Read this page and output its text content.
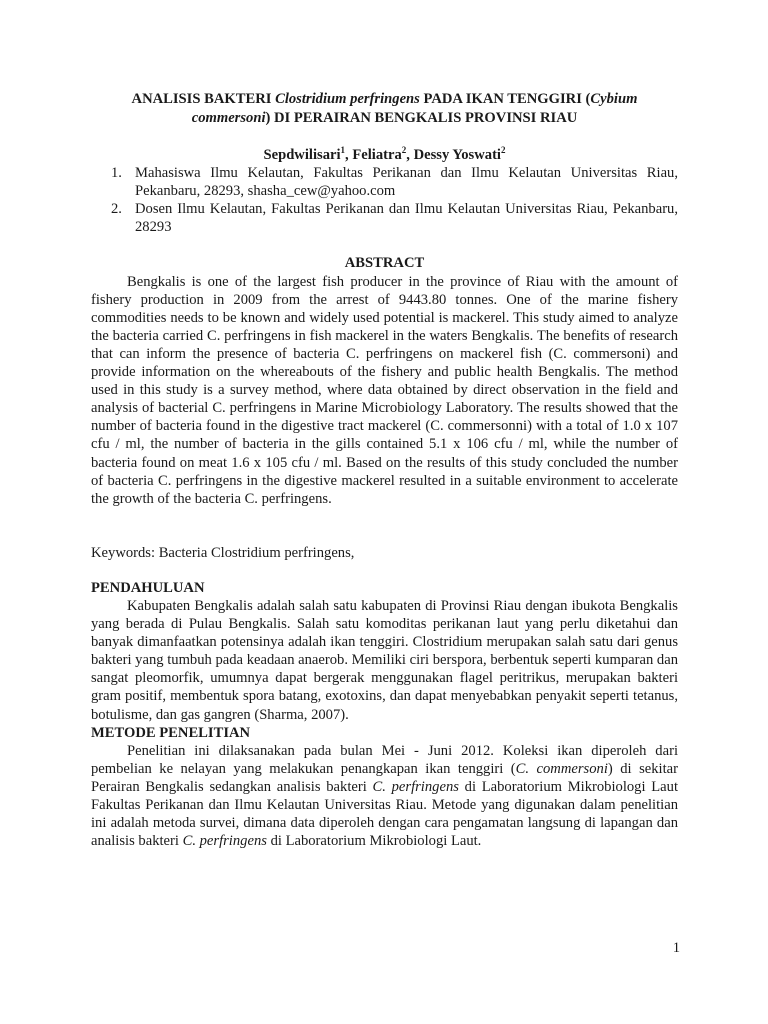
ANALISIS BAKTERI Clostridium perfringens PADA IKAN TENGGIRI (Cybium commersoni) DI PERAIRAN BENGKALIS PROVINSI RIAU

Sepdwilisari$^1$, Feliatra$^2$, Dessy Yoswati$^2$

1. Mahasiswa Ilmu Kelautan, Fakultas Perikanan dan Ilmu Kelautan Universitas Riau, Pekanbaru, 28293, shasha_cew@yahoo.com
2. Dosen Ilmu Kelautan, Fakultas Perikanan dan Ilmu Kelautan Universitas Riau, Pekanbaru, 28293

ABSTRACT

Bengkalis is one of the largest fish producer in the province of Riau with the amount of fishery production in 2009 from the arrest of 9443.80 tonnes. One of the marine fishery commodities needs to be known and widely used potential is mackerel. This study aimed to analyze the bacteria carried C. perfringens in fish mackerel in the waters Bengkalis. The benefits of research that can inform the presence of bacteria C. perfringens on mackerel fish (C. commersoni) and provide information on the whereabouts of the fishery and public health Bengkalis. The method used in this study is a survey method, where data obtained by direct observation in the field and analysis of bacterial C. perfringens in Marine Microbiology Laboratory. The results showed that the number of bacteria found in the digestive tract mackerel (C. commersonni) with a total of 1.0 x 107 cfu / ml, the number of bacteria in the gills contained 5.1 x 106 cfu / ml, while the number of bacteria found on meat 1.6 x 105 cfu / ml. Based on the results of this study concluded the number of bacteria C. perfringens in the digestive mackerel resulted in a suitable environment to accelerate the growth of the bacteria C. perfringens.

Keywords: Bacteria Clostridium perfringens,

PENDAHULUAN

Kabupaten Bengkalis adalah salah satu kabupaten di Provinsi Riau dengan ibukota Bengkalis yang berada di Pulau Bengkalis. Salah satu komoditas perikanan laut yang perlu diketahui dan banyak dimanfaatkan potensinya adalah ikan tenggiri. Clostridium merupakan salah satu dari genus bakteri yang tumbuh pada keadaan anaerob. Memiliki ciri berspora, berbentuk seperti kumparan dan sangat pleomorfik, umumnya dapat bergerak menggunakan flagel peritrikus, merupakan bakteri gram positif, membentuk spora batang, exotoxins, dan dapat menyebabkan penyakit seperti tetanus, botulisme, dan gas gangren (Sharma, 2007).

METODE PENELITIAN

Penelitian ini dilaksanakan pada bulan Mei - Juni 2012. Koleksi ikan diperoleh dari pembelian ke nelayan yang melakukan penangkapan ikan tenggiri (C. commersoni) di sekitar Perairan Bengkalis sedangkan analisis bakteri C. perfringens di Laboratorium Mikrobiologi Laut Fakultas Perikanan dan Ilmu Kelautan Universitas Riau. Metode yang digunakan dalam penelitian ini adalah metoda survei, dimana data diperoleh dengan cara pengamatan langsung di lapangan dan analisis bakteri C. perfringens di Laboratorium Mikrobiologi Laut.

1
